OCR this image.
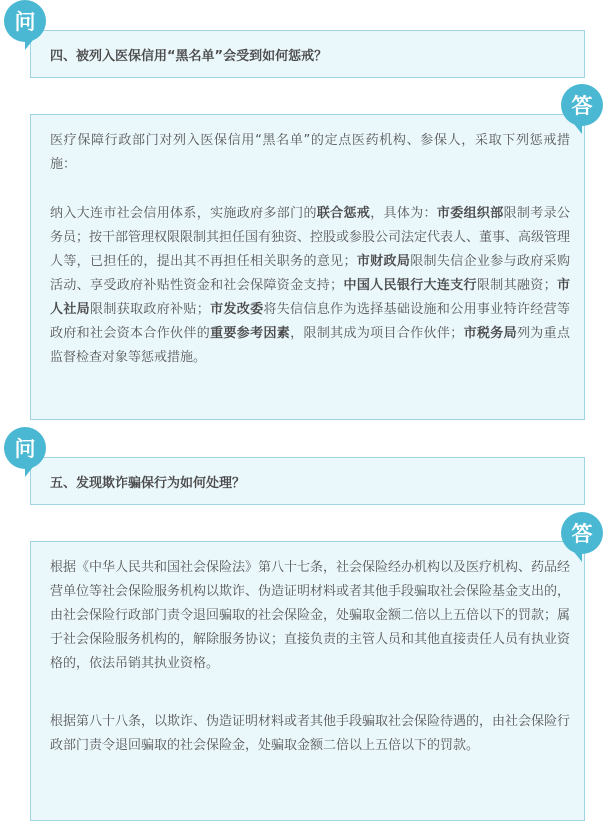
四、被列入医保信用“黑名单”会受到如何惩戒？
问
医疗保障行政部门对列入医保信用“黑名单”的定点医药机构、参保人，采取下列惩戒措施：
纳入大连市社会信用体系，实施政府多部门的联合惩戒，具体为：市委组织部限制考录公务员；按干部管理权限限制其担任国有独资、控股或参股公司法定代表人、董事、高级管理人等，已担任的，提出其不再担任相关职务的意见；市财政局限制失信企业参与政府采购活动、享受政府补贴性资金和社会保障资金支持；中国人民银行大连支行限制其融资；市人社局限制获取政府补贴；市发改委将失信信息作为选择基础设施和公用事业特许经营等政府和社会资本合作伙伴的重要参考因素，限制其成为项目合作伙伴；市税务局列为重点监督检查对象等惩戒措施。
答
五、发现欺诈骗保行为如何处理？
问
根据《中华人民共和国社会保险法》第八十七条，社会保险经办机构以及医疗机构、药品经营单位等社会保险服务机构以欺诈、伪造证明材料或者其他手段骗取社会保险基金支出的，由社会保险行政部门责令退回骗取的社会保险金，处骗取金额二倍以上五倍以下的罚款；属于社会保险服务机构的，解除服务协议；直接负责的主管人员和其他直接责任人员有执业资格的，依法吊销其执业资格。
根据第八十八条，以欺诈、伪造证明材料或者其他手段骗取社会保险待遇的，由社会保险行政部门责令退回骗取的社会保险金，处骗取金额二倍以上五倍以下的罚款。
答
